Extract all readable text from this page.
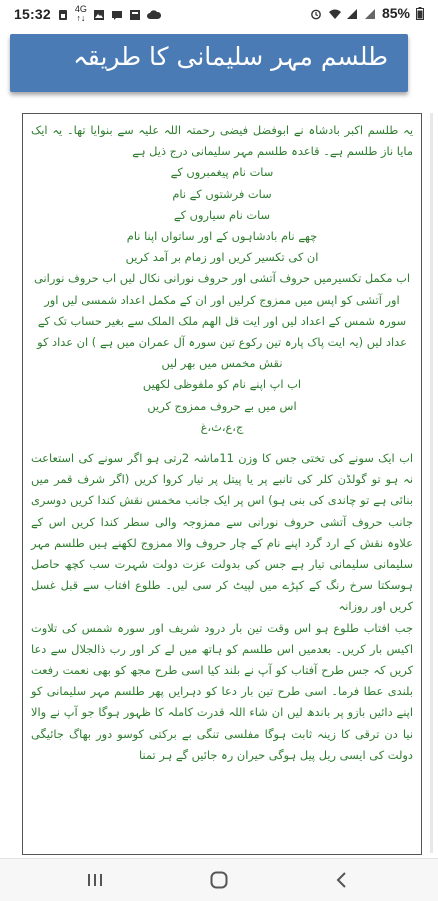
15:32	4G
↑↓	85%
طلسم مہر سلیمانی کا طریقہ

یہ طلسم اکبر بادشاہ نے ابوفضل فیضی رحمتہ اللہ علیہ سے بنوایا تھا۔ یہ ایک مایا ناز طلسم ہے۔ قاعدہ طلسم مہر سلیمانی درج ذیل ہے

سات نام پیغمبروں کے

سات فرشتوں کے نام

سات نام سیاروں کے

چھے نام بادشاہوں کے اور ساتواں اپنا نام

ان کی تکسیر کریں اور زمام بر آمد کریں

اب مکمل تکسیرمیں حروف آتشی اور حروف نورانی نکال لیں اب حروف نورانی اور آتشی کو اپس میں ممزوج کرلیں اور ان کے مکمل اعداد شمسی لیں اور سورہ شمس کے اعداد لیں اور ایت قل الھم ملک الملک سے بغیر حساب تک کے عداد لیں (یہ ایت پاک پارہ تین رکوع تین سورہ آل عمران میں ہے ) ان عداد کو نقش مخمس میں بھر لیں

اب اپ اپنے نام کو ملفوظی لکھیں

اس میں بے حروف ممزوج کریں

ج،ع،ث،غ

اب ایک سونے کی تختی جس کا وزن 11ماشہ 2رتی ہو اگر سونے کی استعاعت نہ ہو تو گولڈن کلر کی تانبے پر یا پیتل پر تیار کروا کریں (اگر شرف قمر میں بنائی ہے تو چاندی کی بنی ہو) اس پر ایک جانب مخمس نقش کندا کریں دوسری جانب حروف آتشی حروف نورانی سے ممزوجہ والی سطر کندا کریں اس کے علاوہ نقش کے ارد گرد اپنے نام کے چار حروف والا ممزوج لکھنے ہیں طلسم مہر سلیمانی سلیمانی تیار ہے جس کی بدولت عزت دولت شہرت سب کچھ حاصل ہوسکتا سرخ رنگ کے کپڑے میں لپیٹ کر سی لیں۔ طلوع افتاب سے قبل غسل کریں اور روزانہ

جب افتاب طلوع ہو اس وقت تین بار درود شریف اور سورہ شمس کی تلاوت اکیس بار کریں۔ بعدمیں اس طلسم کو ہاتھ میں لے کر اور رب ذالجلال سے دعا کریں کہ جس طرح آفتاب کو آپ نے بلند کیا اسی طرح مجھ کو بھی نعمت رفعت بلندی عطا فرما۔ اسی طرح تین بار دعا کو دہرایں پھر طلسم مہر سلیمانی کو اپنے دائیں بازو پر باندھ لیں ان شاء اللہ قدرت کاملہ کا ظہور ہوگا جو آپ نے والا نیا دن ترقی کا زینہ ثابت ہوگا مفلسی تنگی بے برکتی کوسو دور بھاگ جائیگی دولت کی ایسی ریل پیل ہوگی حیران رہ جائیں گے ہر تمنا
